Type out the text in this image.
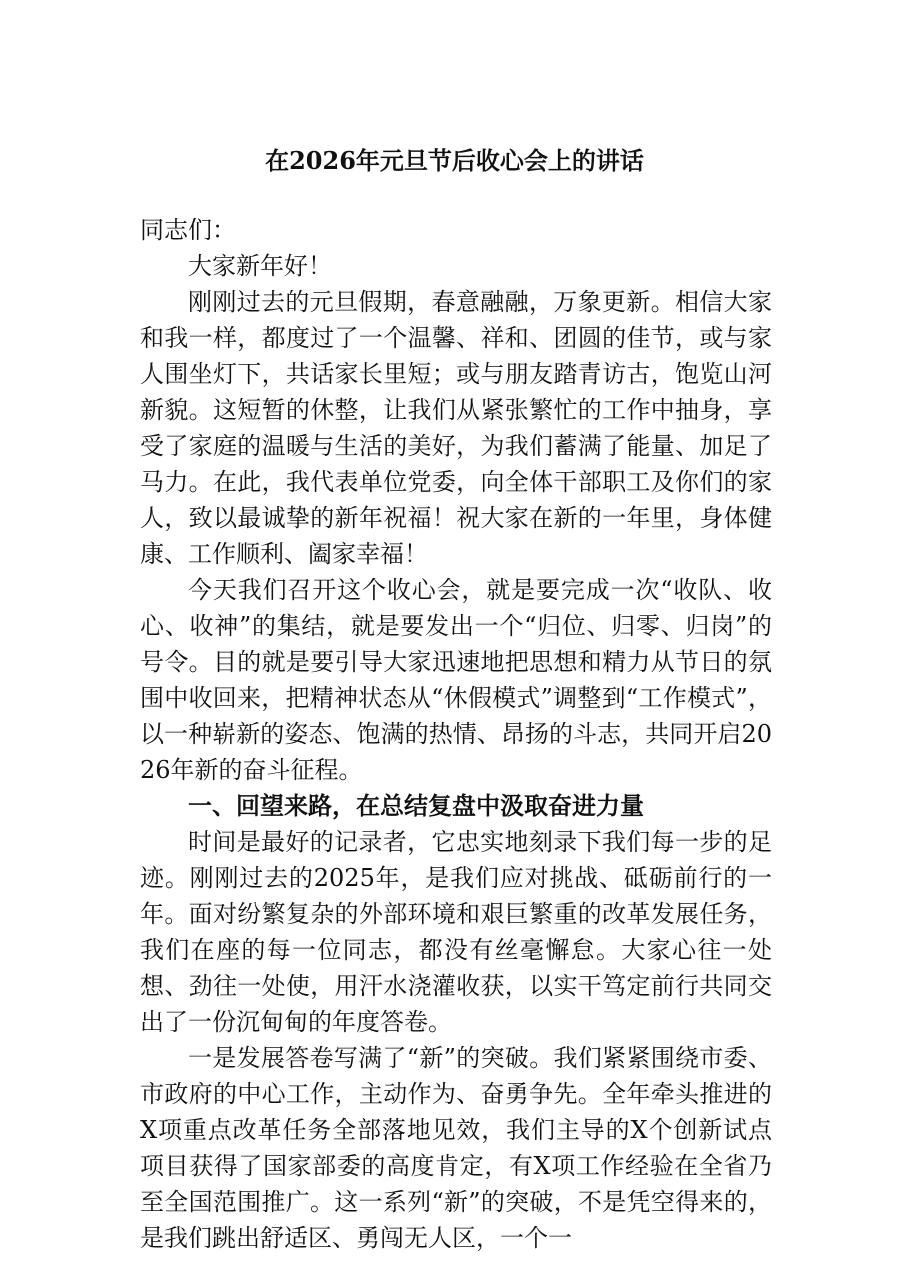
在2026年元旦节后收心会上的讲话

同志们：

大家新年好！

刚刚过去的元旦假期，春意融融，万象更新。相信大家和我一样，都度过了一个温馨、祥和、团圆的佳节，或与家人围坐灯下，共话家长里短；或与朋友踏青访古，饱览山河新貌。这短暂的休整，让我们从紧张繁忙的工作中抽身，享受了家庭的温暖与生活的美好，为我们蓄满了能量、加足了马力。在此，我代表单位党委，向全体干部职工及你们的家人，致以最诚挚的新年祝福！祝大家在新的一年里，身体健康、工作顺利、阖家幸福！

今天我们召开这个收心会，就是要完成一次“收队、收心、收神”的集结，就是要发出一个“归位、归零、归岗”的号令。目的就是要引导大家迅速地把思想和精力从节日的氛围中收回来，把精神状态从“休假模式”调整到“工作模式”，以一种崭新的姿态、饱满的热情、昂扬的斗志，共同开启2026年新的奋斗征程。

一、回望来路，在总结复盘中汲取奋进力量

时间是最好的记录者，它忠实地刻录下我们每一步的足迹。刚刚过去的2025年，是我们应对挑战、砥砺前行的一年。面对纷繁复杂的外部环境和艰巨繁重的改革发展任务，我们在座的每一位同志，都没有丝毫懈怠。大家心往一处想、劲往一处使，用汗水浇灌收获，以实干笃定前行共同交出了一份沉甸甸的年度答卷。

一是发展答卷写满了“新”的突破。我们紧紧围绕市委、市政府的中心工作，主动作为、奋勇争先。全年牵头推进的X项重点改革任务全部落地见效，我们主导的X个创新试点项目获得了国家部委的高度肯定，有X项工作经验在全省乃至全国范围推广。这一系列“新”的突破，不是凭空得来的，是我们跳出舒适区、勇闯无人区，一个一
